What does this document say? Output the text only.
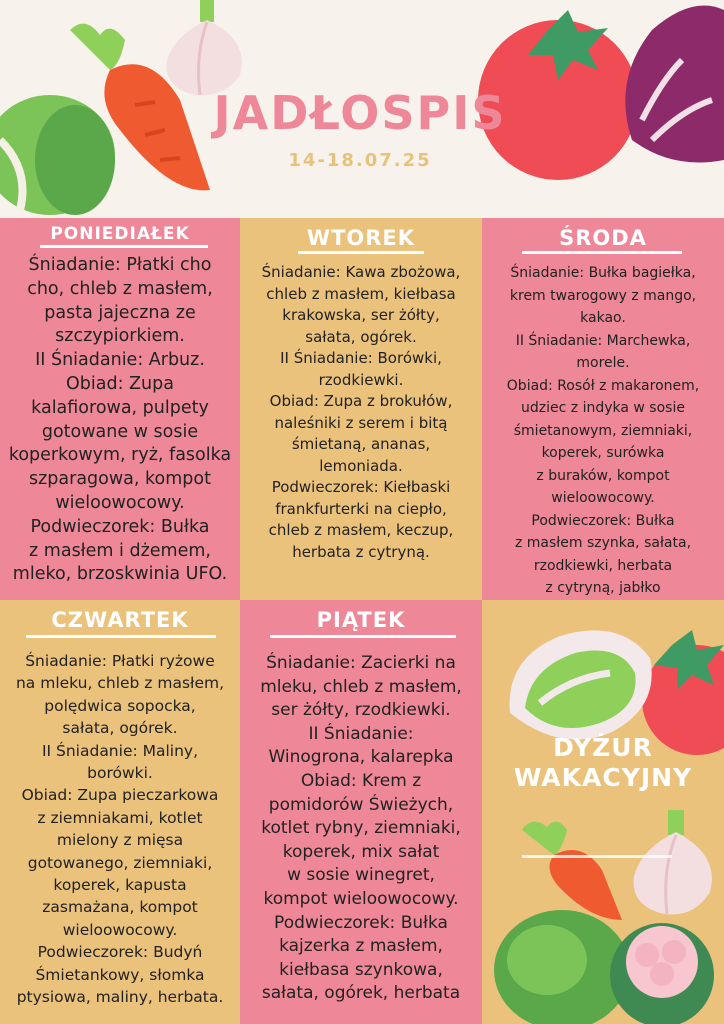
JADŁOSPIS
14-18.07.25
PONIEDIAŁEK
Śniadanie: Płatki cho
cho, chleb z masłem,
pasta jajeczna ze
szczypiorkiem.
II Śniadanie: Arbuz.
Obiad: Zupa
kalafiorowa, pulpety
gotowane w sosie
koperkowym, ryż, fasolka
szparagowa, kompot
wieloowocowy.
Podwieczorek: Bułka
z masłem i dżemem,
mleko, brzoskwinia UFO.
WTOREK
Śniadanie: Kawa zbożowa,
chleb z masłem, kiełbasa
krakowska, ser żółty,
sałata, ogórek.
II Śniadanie: Borówki,
rzodkiewki.
Obiad: Zupa z brokułów,
naleśniki z serem i bitą
śmietaną, ananas,
lemoniada.
Podwieczorek: Kiełbaski
frankfurterki na ciepło,
chleb z masłem, keczup,
herbata z cytryną.
ŚRODA
Śniadanie: Bułka bagiełka,
krem twarogowy z mango,
kakao.
II Śniadanie: Marchewka,
morele.
Obiad: Rosół z makaronem,
udziec z indyka w sosie
śmietanowym, ziemniaki,
koperek, surówka
z buraków, kompot
wieloowocowy.
Podwieczorek: Bułka
z masłem szynka, sałata,
rzodkiewki, herbata
z cytryną, jabłko
CZWARTEK
Śniadanie: Płatki ryżowe
na mleku, chleb z masłem,
polędwica sopocka,
sałata, ogórek.
II Śniadanie: Maliny,
borówki.
Obiad: Zupa pieczarkowa
z ziemniakami, kotlet
mielony z mięsa
gotowanego, ziemniaki,
koperek, kapusta
zasmażana, kompot
wieloowocowy.
Podwieczorek: Budyń
Śmietankowy, słomka
ptysiowa, maliny, herbata.
PIĄTEK
Śniadanie: Zacierki na
mleku, chleb z masłem,
ser żółty, rzodkiewki.
II Śniadanie:
Winogrona, kalarepka
Obiad: Krem z
pomidorów Świeżych,
kotlet rybny, ziemniaki,
koperek, mix sałat
w sosie winegret,
kompot wieloowocowy.
Podwieczorek: Bułka
kajzerka z masłem,
kiełbasa szynkowa,
sałata, ogórek, herbata
DYŻUR
WAKACYJNY
